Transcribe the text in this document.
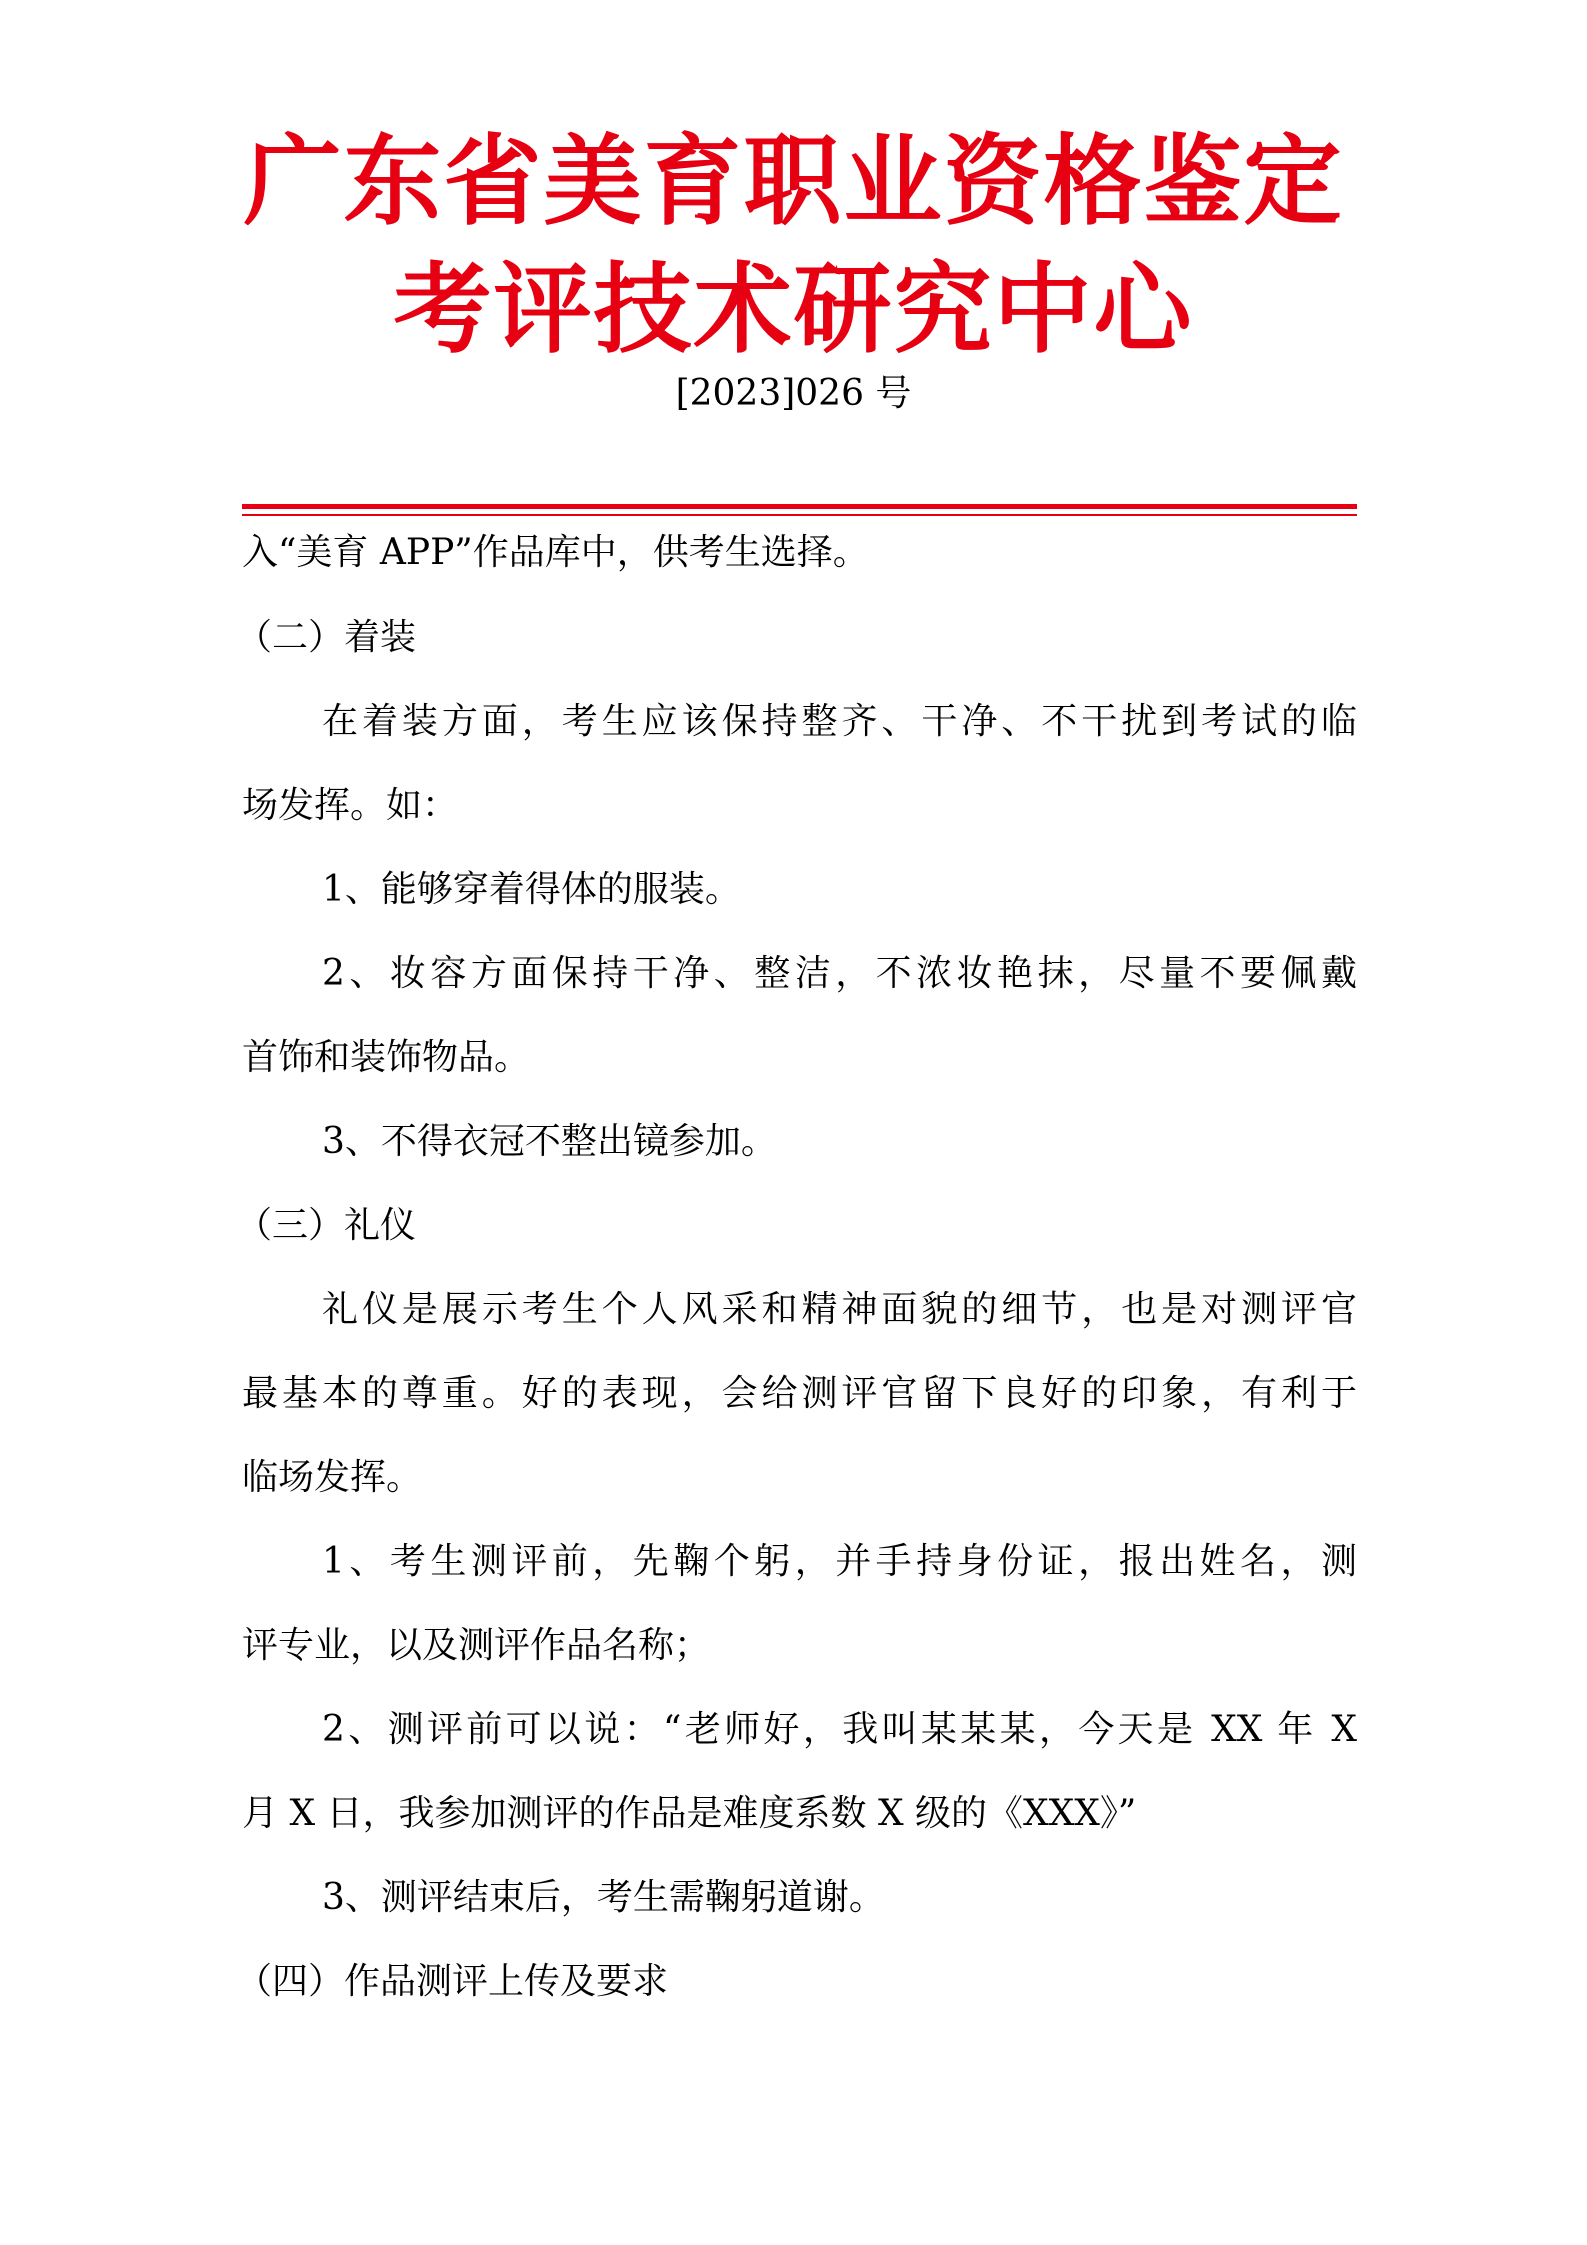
广东省美育职业资格鉴定
考评技术研究中心

[2023]026 号

入“美育 APP”作品库中，供考生选择。

（二）着装

在着装方面，考生应该保持整齐、干净、不干扰到考试的临

场发挥。如：

1、能够穿着得体的服装。

2、妆容方面保持干净、整洁，不浓妆艳抹，尽量不要佩戴

首饰和装饰物品。

3、不得衣冠不整出镜参加。

（三）礼仪

礼仪是展示考生个人风采和精神面貌的细节，也是对测评官

最基本的尊重。好的表现，会给测评官留下良好的印象，有利于

临场发挥。

1、考生测评前，先鞠个躬，并手持身份证，报出姓名，测

评专业，以及测评作品名称；

2、测评前可以说：“老师好，我叫某某某，今天是 XX 年 X

月 X 日，我参加测评的作品是难度系数 X 级的《XXX》”

3、测评结束后，考生需鞠躬道谢。

（四）作品测评上传及要求
